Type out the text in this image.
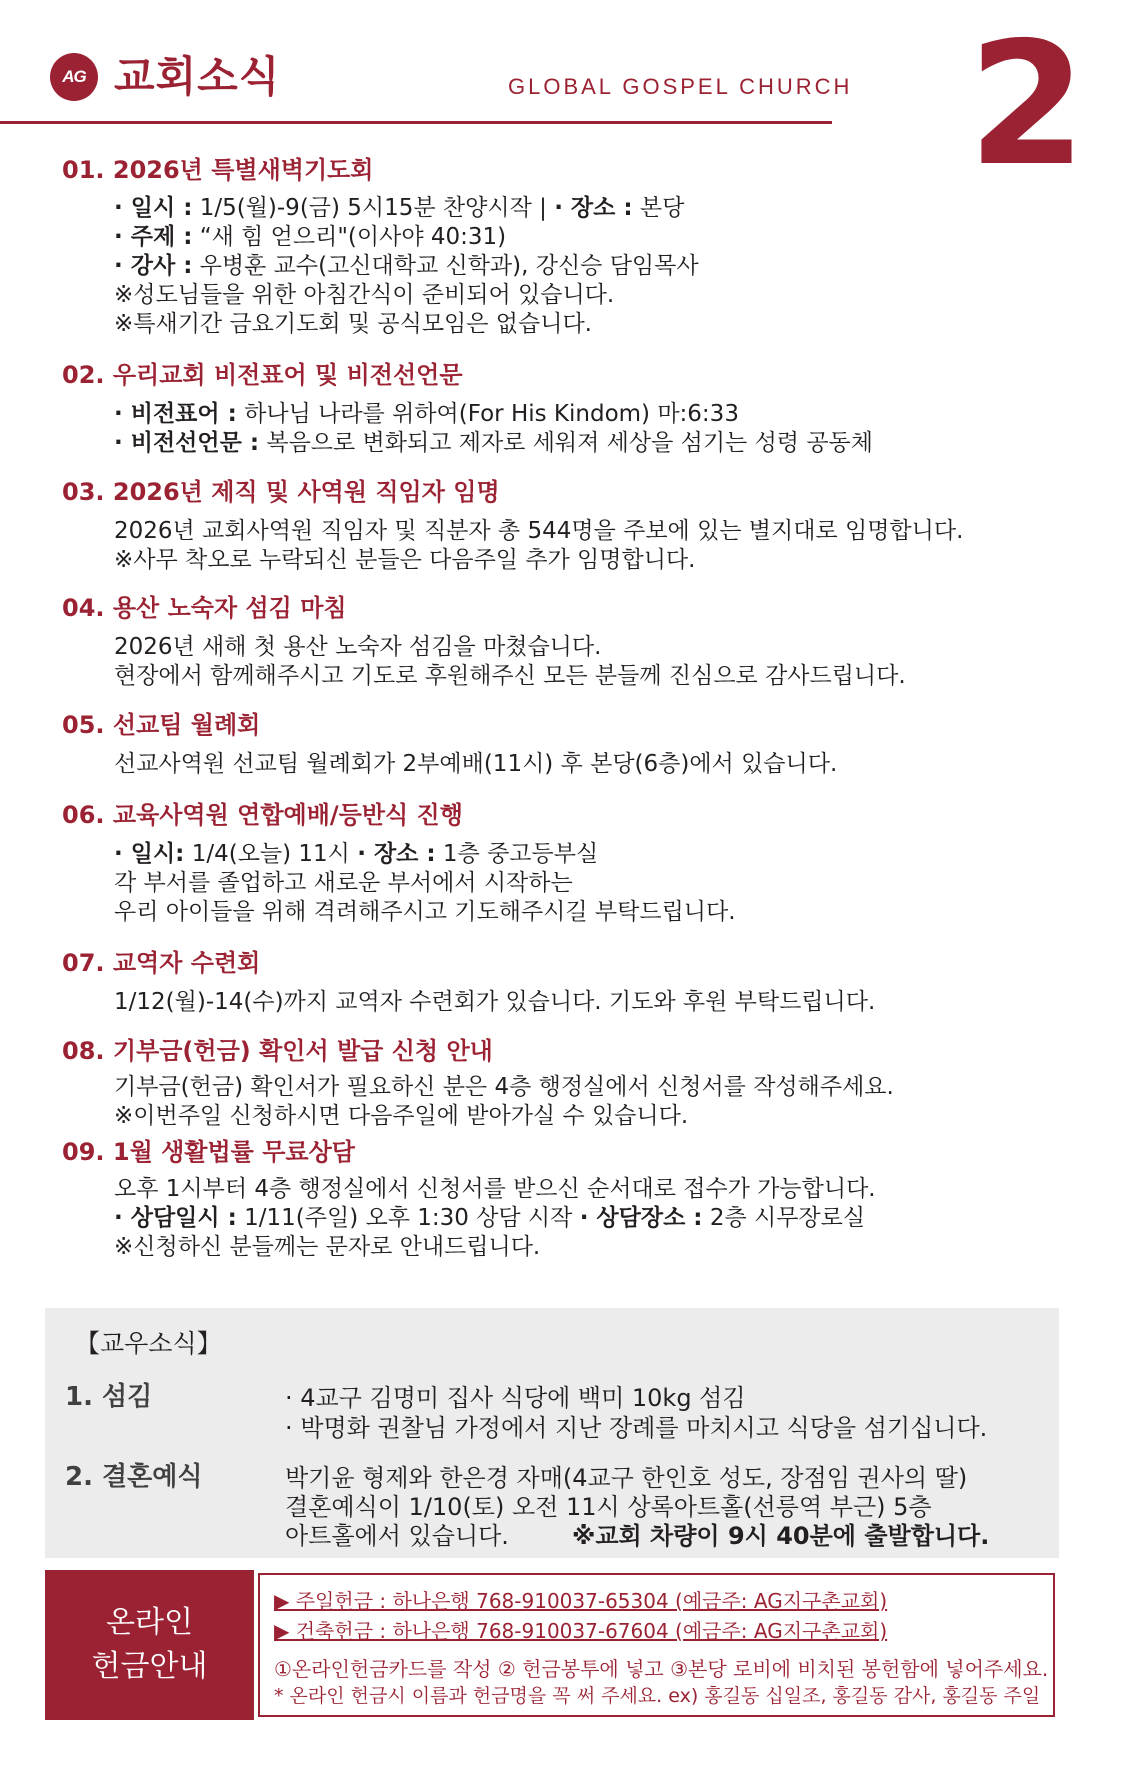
AG 교회소식	GLOBAL GOSPEL CHURCH 2
01. 2026년 특별새벽기도회
· 일시 : 1/5(월)-9(금) 5시15분 찬양시작 | · 장소 : 본당
· 주제 : “새 힘 얻으리"(이사야 40:31)
· 강사 : 우병훈 교수(고신대학교 신학과), 강신승 담임목사
※성도님들을 위한 아침간식이 준비되어 있습니다.
※특새기간 금요기도회 및 공식모임은 없습니다.
02. 우리교회 비전표어 및 비전선언문
· 비전표어 : 하나님 나라를 위하여(For His Kindom) 마:6:33
· 비전선언문 : 복음으로 변화되고 제자로 세워져 세상을 섬기는 성령 공동체
03. 2026년 제직 및 사역원 직임자 임명
2026년 교회사역원 직임자 및 직분자 총 544명을 주보에 있는 별지대로 임명합니다.
※사무 착오로 누락되신 분들은 다음주일 추가 임명합니다.
04. 용산 노숙자 섬김 마침
2026년 새해 첫 용산 노숙자 섬김을 마쳤습니다.
현장에서 함께해주시고 기도로 후원해주신 모든 분들께 진심으로 감사드립니다.
05. 선교팀 월례회
선교사역원 선교팀 월례회가 2부예배(11시) 후 본당(6층)에서 있습니다.
06. 교육사역원 연합예배/등반식 진행
· 일시: 1/4(오늘) 11시 · 장소 : 1층 중고등부실
각 부서를 졸업하고 새로운 부서에서 시작하는
우리 아이들을 위해 격려해주시고 기도해주시길 부탁드립니다.
07. 교역자 수련회
1/12(월)-14(수)까지 교역자 수련회가 있습니다. 기도와 후원 부탁드립니다.
08. 기부금(헌금) 확인서 발급 신청 안내
기부금(헌금) 확인서가 필요하신 분은 4층 행정실에서 신청서를 작성해주세요.
※이번주일 신청하시면 다음주일에 받아가실 수 있습니다.
09. 1월 생활법률 무료상담
오후 1시부터 4층 행정실에서 신청서를 받으신 순서대로 접수가 가능합니다.
· 상담일시 : 1/11(주일) 오후 1:30 상담 시작 · 상담장소 : 2층 시무장로실
※신청하신 분들께는 문자로 안내드립니다.
【교우소식】
1. 섬김	· 4교구 김명미 집사 식당에 백미 10kg 섬김
· 박명화 권찰님 가정에서 지난 장례를 마치시고 식당을 섬기십니다.
2. 결혼예식	박기윤 형제와 한은경 자매(4교구 한인호 성도, 장점임 권사의 딸)
결혼예식이 1/10(토) 오전 11시 상록아트홀(선릉역 부근) 5층
아트홀에서 있습니다.	※교회 차량이 9시 40분에 출발합니다.
온라인
헌금안내
▶ 주일헌금 : 하나은행 768-910037-65304 (예금주: AG지구촌교회)
▶ 건축헌금 : 하나은행 768-910037-67604 (예금주: AG지구촌교회)
①온라인헌금카드를 작성 ② 헌금봉투에 넣고 ③본당 로비에 비치된 봉헌함에 넣어주세요.
* 온라인 헌금시 이름과 헌금명을 꼭 써 주세요. ex) 홍길동 십일조, 홍길동 감사, 홍길동 주일
